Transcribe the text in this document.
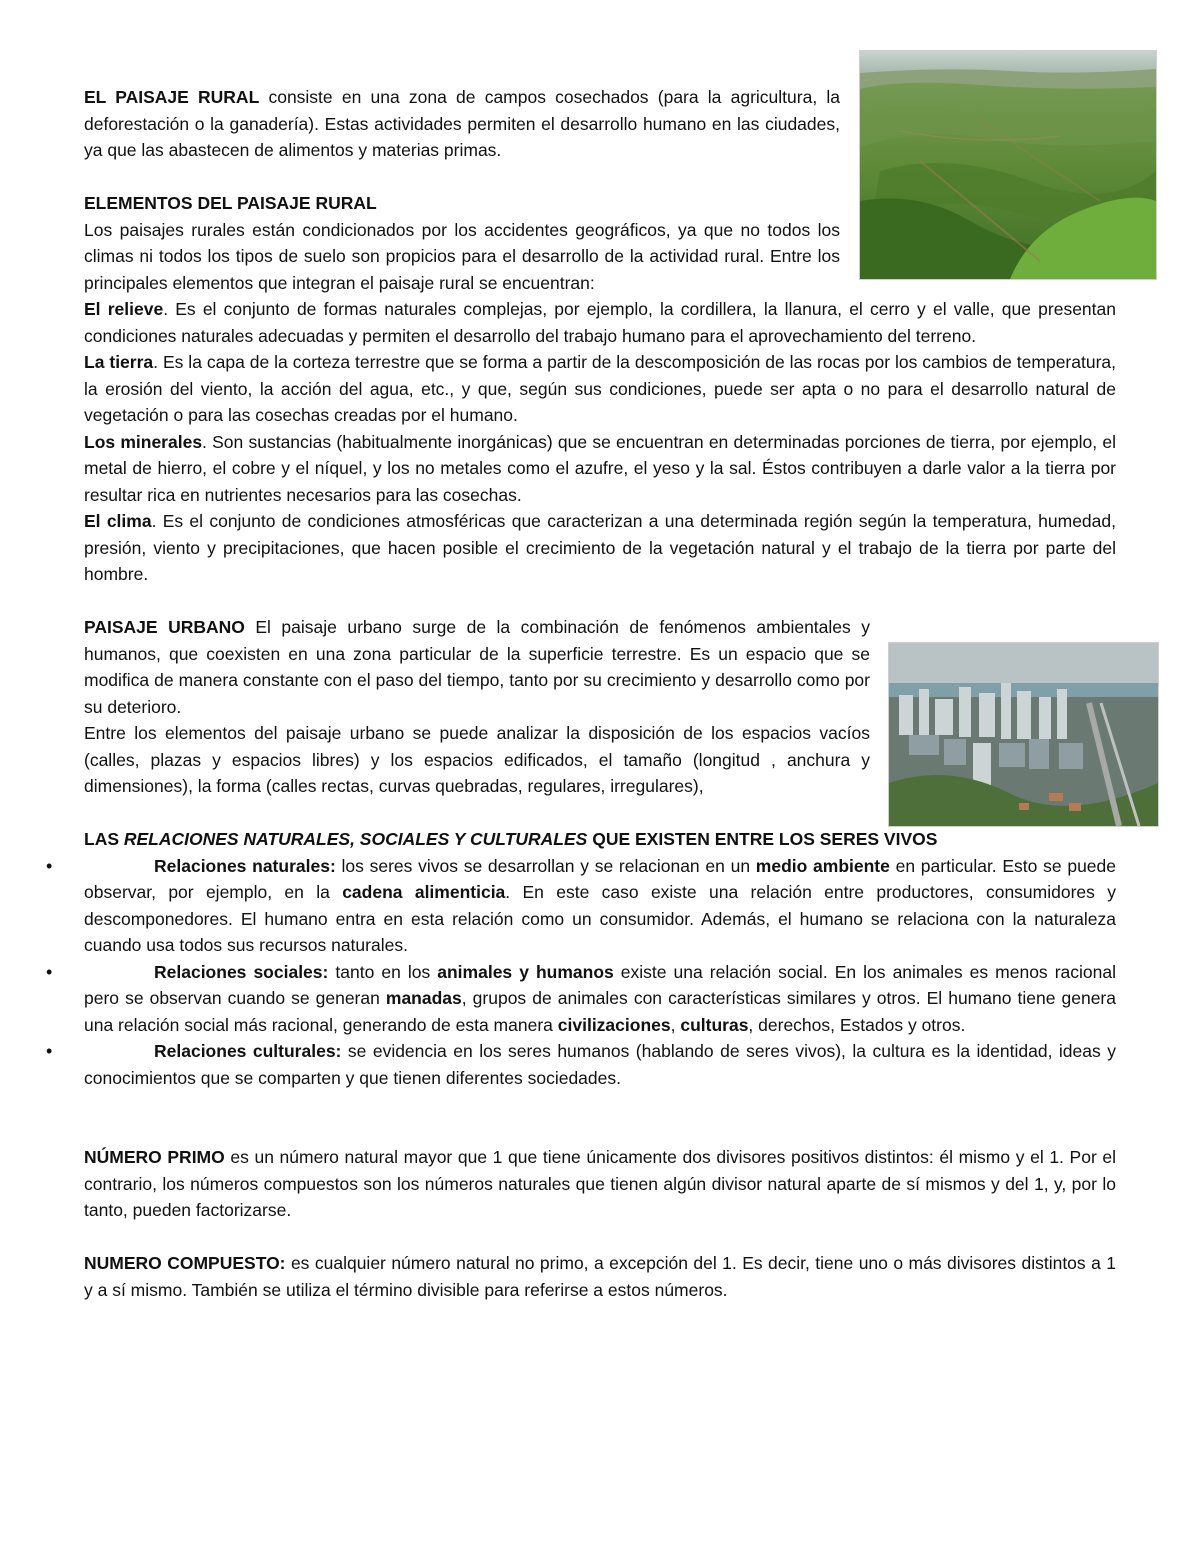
EL PAISAJE RURAL consiste en una zona de campos cosechados (para la agricultura, la deforestación o la ganadería). Estas actividades permiten el desarrollo humano en las ciudades, ya que las abastecen de alimentos y materias primas.

ELEMENTOS DEL PAISAJE RURAL

Los paisajes rurales están condicionados por los accidentes geográficos, ya que no todos los climas ni todos los tipos de suelo son propicios para el desarrollo de la actividad rural. Entre los principales elementos que integran el paisaje rural se encuentran:

El relieve. Es el conjunto de formas naturales complejas, por ejemplo, la cordillera, la llanura, el cerro y el valle, que presentan condiciones naturales adecuadas y permiten el desarrollo del trabajo humano para el aprovechamiento del terreno.

La tierra. Es la capa de la corteza terrestre que se forma a partir de la descomposición de las rocas por los cambios de temperatura, la erosión del viento, la acción del agua, etc., y que, según sus condiciones, puede ser apta o no para el desarrollo natural de vegetación o para las cosechas creadas por el humano.

Los minerales. Son sustancias (habitualmente inorgánicas) que se encuentran en determinadas porciones de tierra, por ejemplo, el metal de hierro, el cobre y el níquel, y los no metales como el azufre, el yeso y la sal. Éstos contribuyen a darle valor a la tierra por resultar rica en nutrientes necesarios para las cosechas.

El clima. Es el conjunto de condiciones atmosféricas que caracterizan a una determinada región según la temperatura, humedad, presión, viento y precipitaciones, que hacen posible el crecimiento de la vegetación natural y el trabajo de la tierra por parte del hombre.

PAISAJE URBANO El paisaje urbano surge de la combinación de fenómenos ambientales y humanos, que coexisten en una zona particular de la superficie terrestre. Es un espacio que se modifica de manera constante con el paso del tiempo, tanto por su crecimiento y desarrollo como por su deterioro.

Entre los elementos del paisaje urbano se puede analizar la disposición de los espacios vacíos (calles, plazas y espacios libres) y los espacios edificados, el tamaño (longitud , anchura y dimensiones), la forma (calles rectas, curvas quebradas, regulares, irregulares),

LAS RELACIONES NATURALES, SOCIALES Y CULTURALES QUE EXISTEN ENTRE LOS SERES VIVOS

•	Relaciones naturales: los seres vivos se desarrollan y se relacionan en un medio ambiente en particular. Esto se puede observar, por ejemplo, en la cadena alimenticia. En este caso existe una relación entre productores, consumidores y descomponedores. El humano entra en esta relación como un consumidor. Además, el humano se relaciona con la naturaleza cuando usa todos sus recursos naturales.
•	Relaciones sociales: tanto en los animales y humanos existe una relación social. En los animales es menos racional pero se observan cuando se generan manadas, grupos de animales con características similares y otros. El humano tiene genera una relación social más racional, generando de esta manera civilizaciones, culturas, derechos, Estados y otros.
•	Relaciones culturales: se evidencia en los seres humanos (hablando de seres vivos), la cultura es la identidad, ideas y conocimientos que se comparten y que tienen diferentes sociedades.

NÚMERO PRIMO es un número natural mayor que 1 que tiene únicamente dos divisores positivos distintos: él mismo y el 1. Por el contrario, los números compuestos son los números naturales que tienen algún divisor natural aparte de sí mismos y del 1, y, por lo tanto, pueden factorizarse.

NUMERO COMPUESTO: es cualquier número natural no primo, a excepción del 1. Es decir, tiene uno o más divisores distintos a 1 y a sí mismo. También se utiliza el término divisible para referirse a estos números.
